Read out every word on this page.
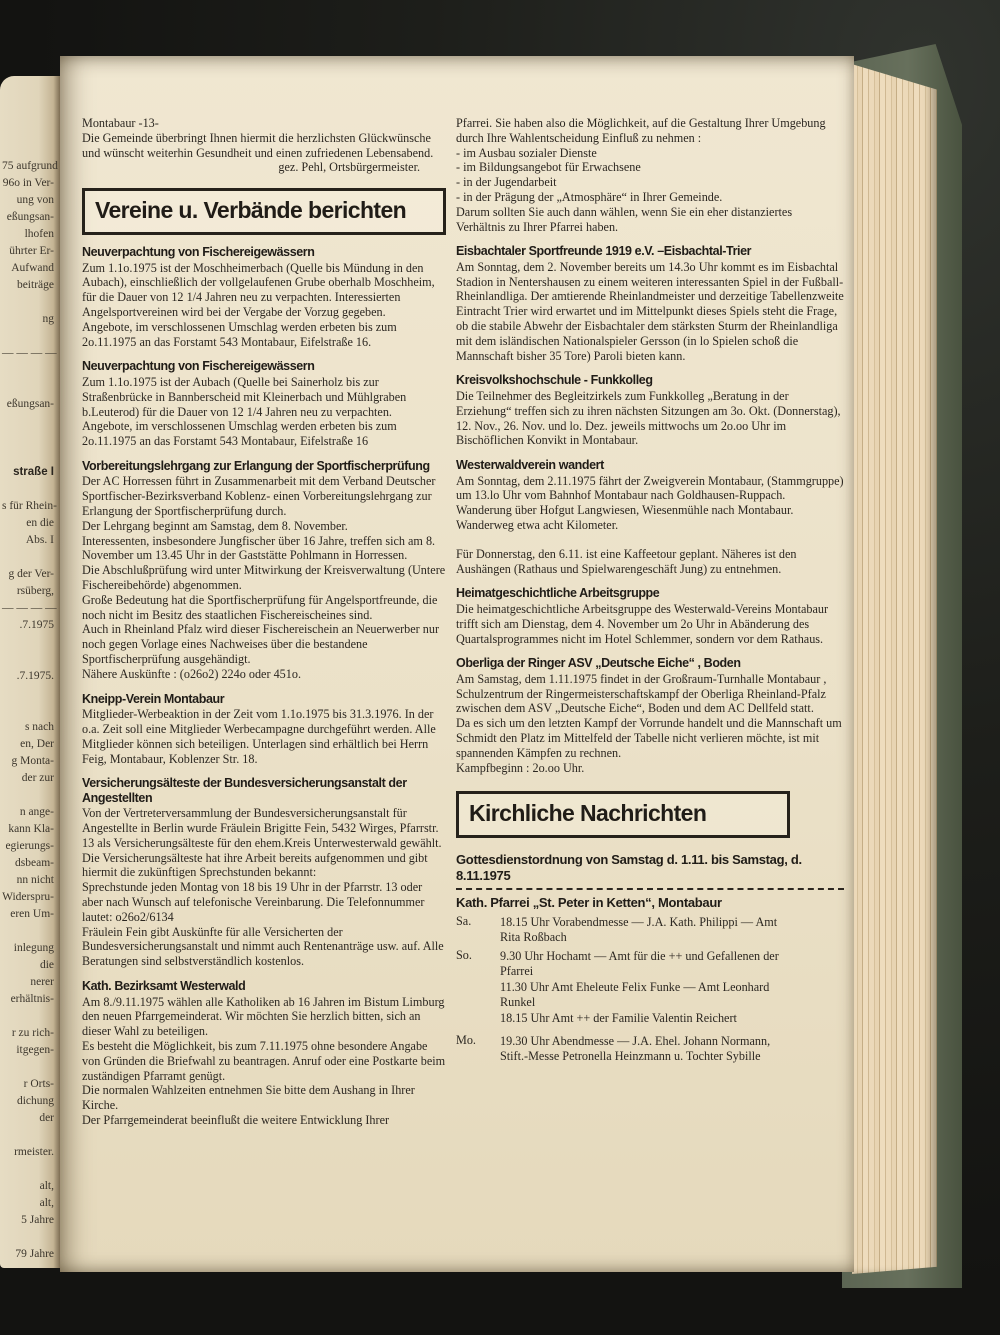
75 aufgrund
96o in Ver-
ung von
eßungsan-
lhofen
ührter Er-
Aufwand
beiträge

ng

— — — —

eßungsan-

straße I

s für Rhein-
en die
Abs. I

g der Ver-
rsüberg,
— — — —
.7.1975

.7.1975.

s nach
en, Der
g Monta-
der zur

n ange-
kann Kla-
egierungs-
dsbeam-
nn nicht
Widerspru-
eren Um-

inlegung
die
nerer
erhältnis-

r zu rich-
itgegen-

r Orts-
dichung
der

rmeister.

alt,
alt,
5 Jahre

79 Jahre

Montabaur -13-

Die Gemeinde überbringt Ihnen hiermit die herzlichsten Glückwünsche und wünscht weiterhin Gesundheit und einen zufriedenen Lebensabend.

gez. Pehl, Ortsbürgermeister.

Vereine u. Verbände berichten
Neuverpachtung von Fischereigewässern

Zum 1.1o.1975 ist der Moschheimerbach (Quelle bis Mündung in den Aubach), einschließlich der vollgelaufenen Grube oberhalb Moschheim, für die Dauer von 12 1/4 Jahren neu zu verpachten. Interessierten Angelsportvereinen wird bei der Vergabe der Vorzug gegeben.

Angebote, im verschlossenen Umschlag werden erbeten bis zum 2o.11.1975 an das Forstamt 543 Montabaur, Eifelstraße 16.

Neuverpachtung von Fischereigewässern

Zum 1.1o.1975 ist der Aubach (Quelle bei Sainerholz bis zur Straßenbrücke in Bannberscheid mit Kleinerbach und Mühlgraben b.Leuterod) für die Dauer von 12 1/4 Jahren neu zu verpachten.

Angebote, im verschlossenen Umschlag werden erbeten bis zum 2o.11.1975 an das Forstamt 543 Montabaur, Eifelstraße 16

Vorbereitungslehrgang zur Erlangung der Sportfischerprüfung

Der AC Horressen führt in Zusammenarbeit mit dem Verband Deutscher Sportfischer-Bezirksverband Koblenz- einen Vorbereitungslehrgang zur Erlangung der Sportfischerprüfung durch.

Der Lehrgang beginnt am Samstag, dem 8. November.

Interessenten, insbesondere Jungfischer über 16 Jahre, treffen sich am 8. November um 13.45 Uhr in der Gaststätte Pohlmann in Horressen.

Die Abschlußprüfung wird unter Mitwirkung der Kreisverwaltung (Untere Fischereibehörde) abgenommen.

Große Bedeutung hat die Sportfischerprüfung für Angelsportfreunde, die noch nicht im Besitz des staatlichen Fischereischeines sind.

Auch in Rheinland Pfalz wird dieser Fischereischein an Neuerwerber nur noch gegen Vorlage eines Nachweises über die bestandene Sportfischerprüfung ausgehändigt.

Nähere Auskünfte : (o26o2) 224o oder 451o.

Kneipp-Verein Montabaur

Mitglieder-Werbeaktion in der Zeit vom 1.1o.1975 bis 31.3.1976. In der o.a. Zeit soll eine Mitglieder Werbecampagne durchgeführt werden. Alle Mitglieder können sich beteiligen. Unterlagen sind erhältlich bei Herrn Feig, Montabaur, Koblenzer Str. 18.

Versicherungsälteste der Bundesversicherungsanstalt der Angestellten

Von der Vertreterversammlung der Bundesversicherungsanstalt für Angestellte in Berlin wurde Fräulein Brigitte Fein, 5432 Wirges, Pfarrstr. 13 als Versicherungsälteste für den ehem.Kreis Unterwesterwald gewählt. Die Versicherungsälteste hat ihre Arbeit bereits aufgenommen und gibt hiermit die zukünftigen Sprechstunden bekannt:

Sprechstunde jeden Montag von 18 bis 19 Uhr in der Pfarrstr. 13 oder aber nach Wunsch auf telefonische Vereinbarung. Die Telefonnummer lautet: o26o2/6134

Fräulein Fein gibt Auskünfte für alle Versicherten der Bundesversicherungsanstalt und nimmt auch Rentenanträge usw. auf. Alle Beratungen sind selbstverständlich kostenlos.

Kath. Bezirksamt Westerwald

Am 8./9.11.1975 wählen alle Katholiken ab 16 Jahren im Bistum Limburg den neuen Pfarrgemeinderat. Wir möchten Sie herzlich bitten, sich an dieser Wahl zu beteiligen.

Es besteht die Möglichkeit, bis zum 7.11.1975 ohne besondere Angabe von Gründen die Briefwahl zu beantragen. Anruf oder eine Postkarte beim zuständigen Pfarramt genügt.

Die normalen Wahlzeiten entnehmen Sie bitte dem Aushang in Ihrer Kirche.

Der Pfarrgemeinderat beeinflußt die weitere Entwicklung Ihrer

Pfarrei. Sie haben also die Möglichkeit, auf die Gestaltung Ihrer Umgebung durch Ihre Wahlentscheidung Einfluß zu nehmen :

- im Ausbau sozialer Dienste

- im Bildungsangebot für Erwachsene

- in der Jugendarbeit

- in der Prägung der „Atmosphäre“ in Ihrer Gemeinde.

Darum sollten Sie auch dann wählen, wenn Sie ein eher distanziertes Verhältnis zu Ihrer Pfarrei haben.

Eisbachtaler Sportfreunde 1919 e.V. –Eisbachtal-Trier

Am Sonntag, dem 2. November bereits um 14.3o Uhr kommt es im Eisbachtal Stadion in Nentershausen zu einem weiteren interessanten Spiel in der Fußball-Rheinlandliga. Der amtierende Rheinlandmeister und derzeitige Tabellenzweite Eintracht Trier wird erwartet und im Mittelpunkt dieses Spiels steht die Frage, ob die stabile Abwehr der Eisbachtaler dem stärksten Sturm der Rheinlandliga mit dem isländischen Nationalspieler Gersson (in lo Spielen schoß die Mannschaft bisher 35 Tore) Paroli bieten kann.

Kreisvolkshochschule - Funkkolleg

Die Teilnehmer des Begleitzirkels zum Funkkolleg „Beratung in der Erziehung“ treffen sich zu ihren nächsten Sitzungen am 3o. Okt. (Donnerstag), 12. Nov., 26. Nov. und lo. Dez. jeweils mittwochs um 2o.oo Uhr im Bischöflichen Konvikt in Montabaur.

Westerwaldverein wandert

Am Sonntag, dem 2.11.1975 fährt der Zweigverein Montabaur, (Stammgruppe) um 13.lo Uhr vom Bahnhof Montabaur nach Goldhausen-Ruppach.

Wanderung über Hofgut Langwiesen, Wiesenmühle nach Montabaur. Wanderweg etwa acht Kilometer.

Für Donnerstag, den 6.11. ist eine Kaffeetour geplant. Näheres ist den Aushängen (Rathaus und Spielwarengeschäft Jung) zu entnehmen.

Heimatgeschichtliche Arbeitsgruppe

Die heimatgeschichtliche Arbeitsgruppe des Westerwald-Vereins Montabaur trifft sich am Dienstag, dem 4. November um 2o Uhr in Abänderung des Quartalsprogrammes nicht im Hotel Schlemmer, sondern vor dem Rathaus.

Oberliga der Ringer ASV „Deutsche Eiche“ , Boden

Am Samstag, dem 1.11.1975 findet in der Großraum-Turnhalle Montabaur , Schulzentrum der Ringermeisterschaftskampf der Oberliga Rheinland-Pfalz zwischen dem ASV „Deutsche Eiche“, Boden und dem AC Dellfeld statt.

Da es sich um den letzten Kampf der Vorrunde handelt und die Mannschaft um Schmidt den Platz im Mittelfeld der Tabelle nicht verlieren möchte, ist mit spannenden Kämpfen zu rechnen.

Kampfbeginn : 2o.oo Uhr.

Kirchliche Nachrichten
Gottesdienstordnung von Samstag d. 1.11. bis Samstag, d. 8.11.1975
Kath. Pfarrei „St. Peter in Ketten“, Montabaur
Sa.	18.15 Uhr Vorabendmesse — J.A. Kath. Philippi — Amt Rita Roßbach
So.	9.30 Uhr Hochamt — Amt für die ++ und Gefallenen der Pfarrei
11.30 Uhr Amt Eheleute Felix Funke — Amt Leonhard Runkel
18.15 Uhr Amt ++ der Familie Valentin Reichert
Mo.	19.30 Uhr Abendmesse — J.A. Ehel. Johann Normann, Stift.-Messe Petronella Heinzmann u. Tochter Sybille
